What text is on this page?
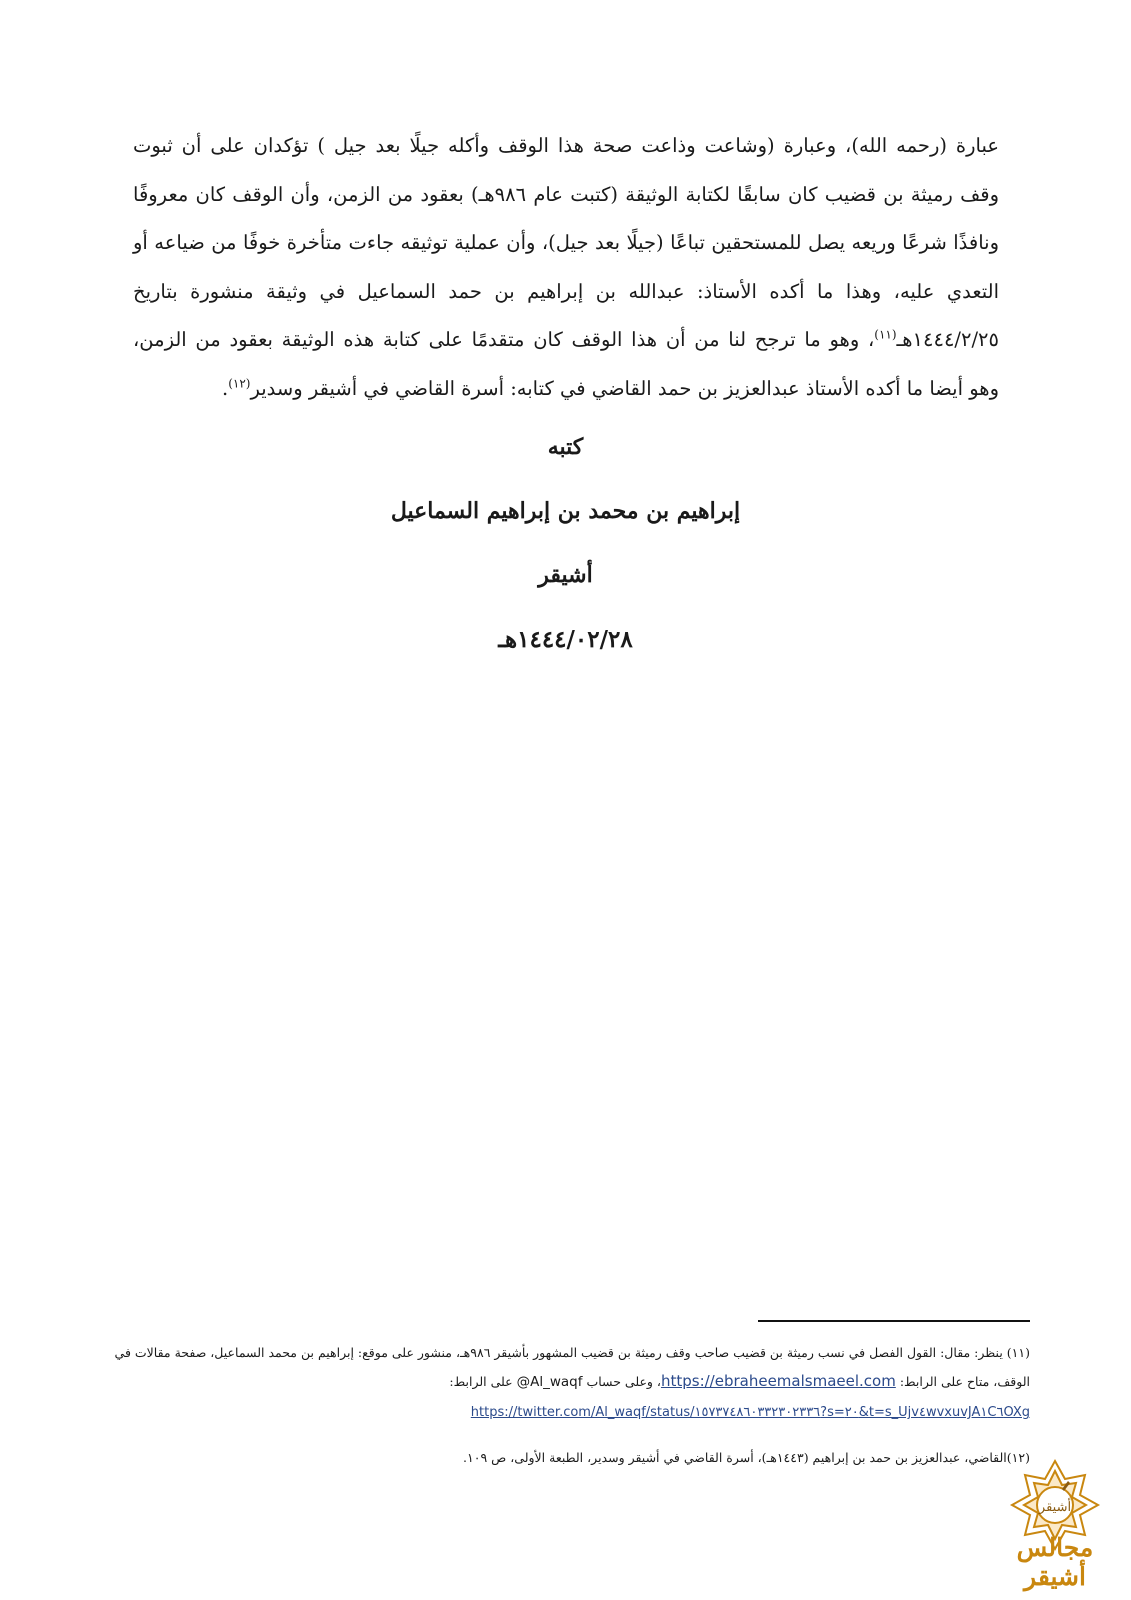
عبارة (رحمه الله)، وعبارة (وشاعت وذاعت صحة هذا الوقف وأكله جيلًا بعد جيل ) تؤكدان على أن ثبوت
وقف رميثة بن قضيب كان سابقًا لكتابة الوثيقة (كتبت عام ٩٨٦هـ) بعقود من الزمن، وأن الوقف كان معروفًا
ونافذًا شرعًا وريعه يصل للمستحقين تباعًا (جيلًا بعد جيل)، وأن عملية توثيقه جاءت متأخرة خوفًا من ضياعه أو
التعدي عليه، وهذا ما أكده الأستاذ: عبدالله بن إبراهيم بن حمد السماعيل في وثيقة منشورة بتاريخ
١٤٤٤/٢/٢٥هـ$^{(١١)}$، وهو ما ترجح لنا من أن هذا الوقف كان متقدمًا على كتابة هذه الوثيقة بعقود من الزمن،
وهو أيضا ما أكده الأستاذ عبدالعزيز بن حمد القاضي في كتابه: أسرة القاضي في أشيقر وسدير$^{(١٢)}$.

كتبه

إبراهيم بن محمد بن إبراهيم السماعيل

أشيقر

١٤٤٤/٠٢/٢٨هـ

(١١) ينظر: مقال: القول الفصل في نسب رميثة بن قضيب صاحب وقف رميثة بن قضيب المشهور بأشيقر ٩٨٦هـ، منشور على موقع: إبراهيم بن محمد السماعيل، صفحة مقالات في
الوقف، متاح على الرابط: https://ebraheemalsmaeel.com، وعلى حساب @Al_waqf على الرابط:
https://twitter.com/Al_waqf/status/١٥٧٣٧٤٨٦٠٣٣٢٣٠٢٣٣٦?s=٢٠&t=s_Ujv٤wvxuvJA١C٦OXg
(١٢)القاضي، عبدالعزيز بن حمد بن إبراهيم (١٤٤٣هـ)، أسرة القاضي في أشيقر وسدير، الطبعة الأولى، ص ١٠٩.
أشيقر
مجالس أشيقر
